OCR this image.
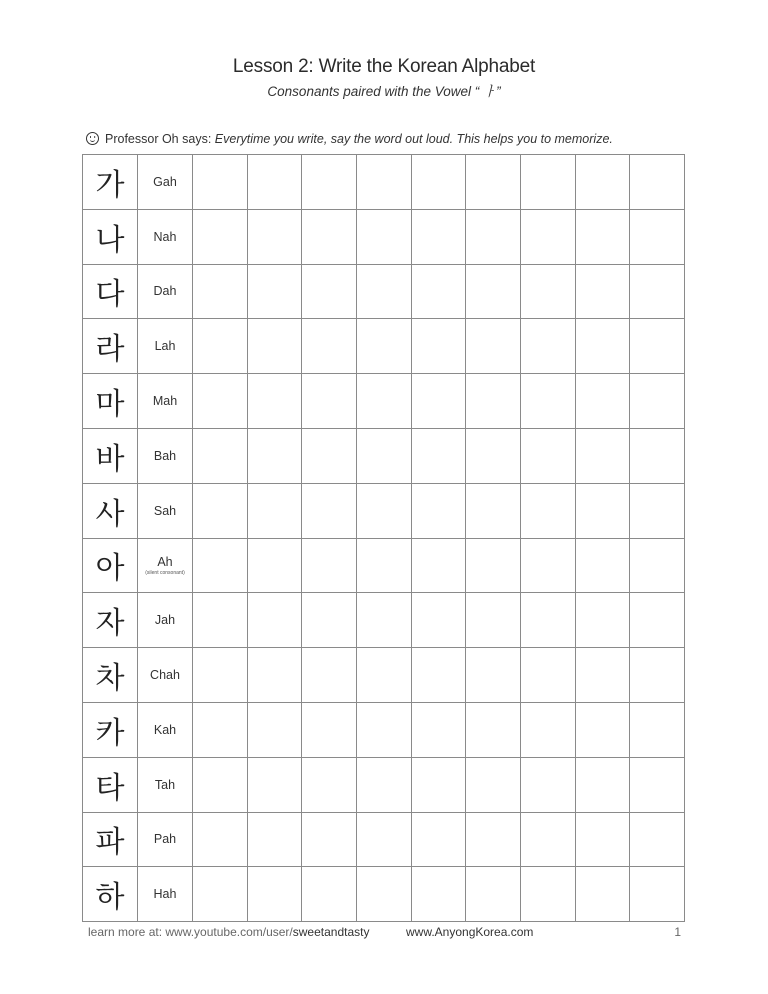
Lesson 2: Write the Korean Alphabet
Consonants paired with the Vowel “ ㅏ”
Professor Oh says: Everytime you write, say the word out loud. This helps you to memorize.
가	Gah									
나	Nah									
다	Dah									
라	Lah									
마	Mah									
바	Bah									
사	Sah									
아	Ah
(silent consonant)									

자	Jah									
차	Chah									
카	Kah									
타	Tah									
파	Pah									
하	Hah									
learn more at: www.youtube.com/user/sweetandtasty	www.AnyongKorea.com	1
